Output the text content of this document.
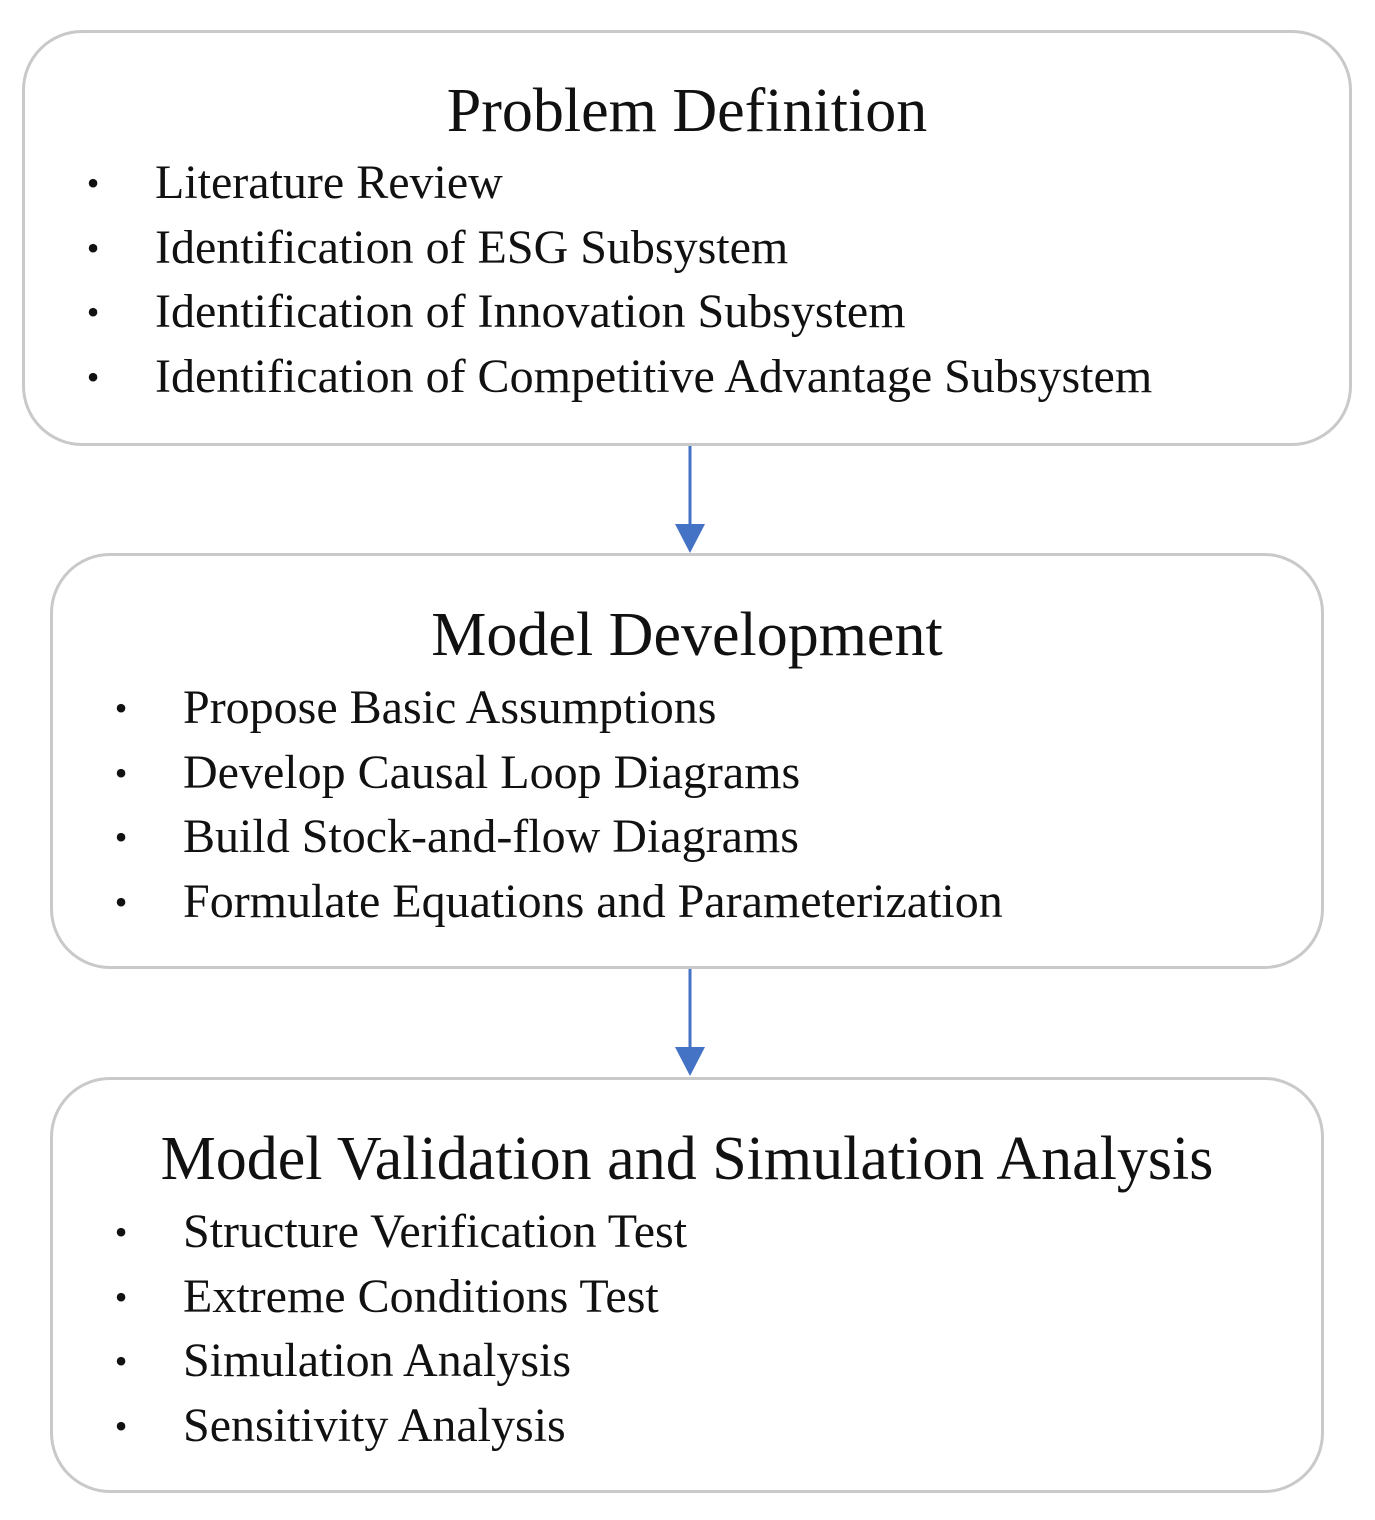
Problem Definition
• Literature Review
• Identification of ESG Subsystem
• Identification of Innovation Subsystem
• Identification of Competitive Advantage Subsystem
Model Development
• Propose Basic Assumptions
• Develop Causal Loop Diagrams
• Build Stock-and-flow Diagrams
• Formulate Equations and Parameterization
Model Validation and Simulation Analysis
• Structure Verification Test
• Extreme Conditions Test
• Simulation Analysis
• Sensitivity Analysis
